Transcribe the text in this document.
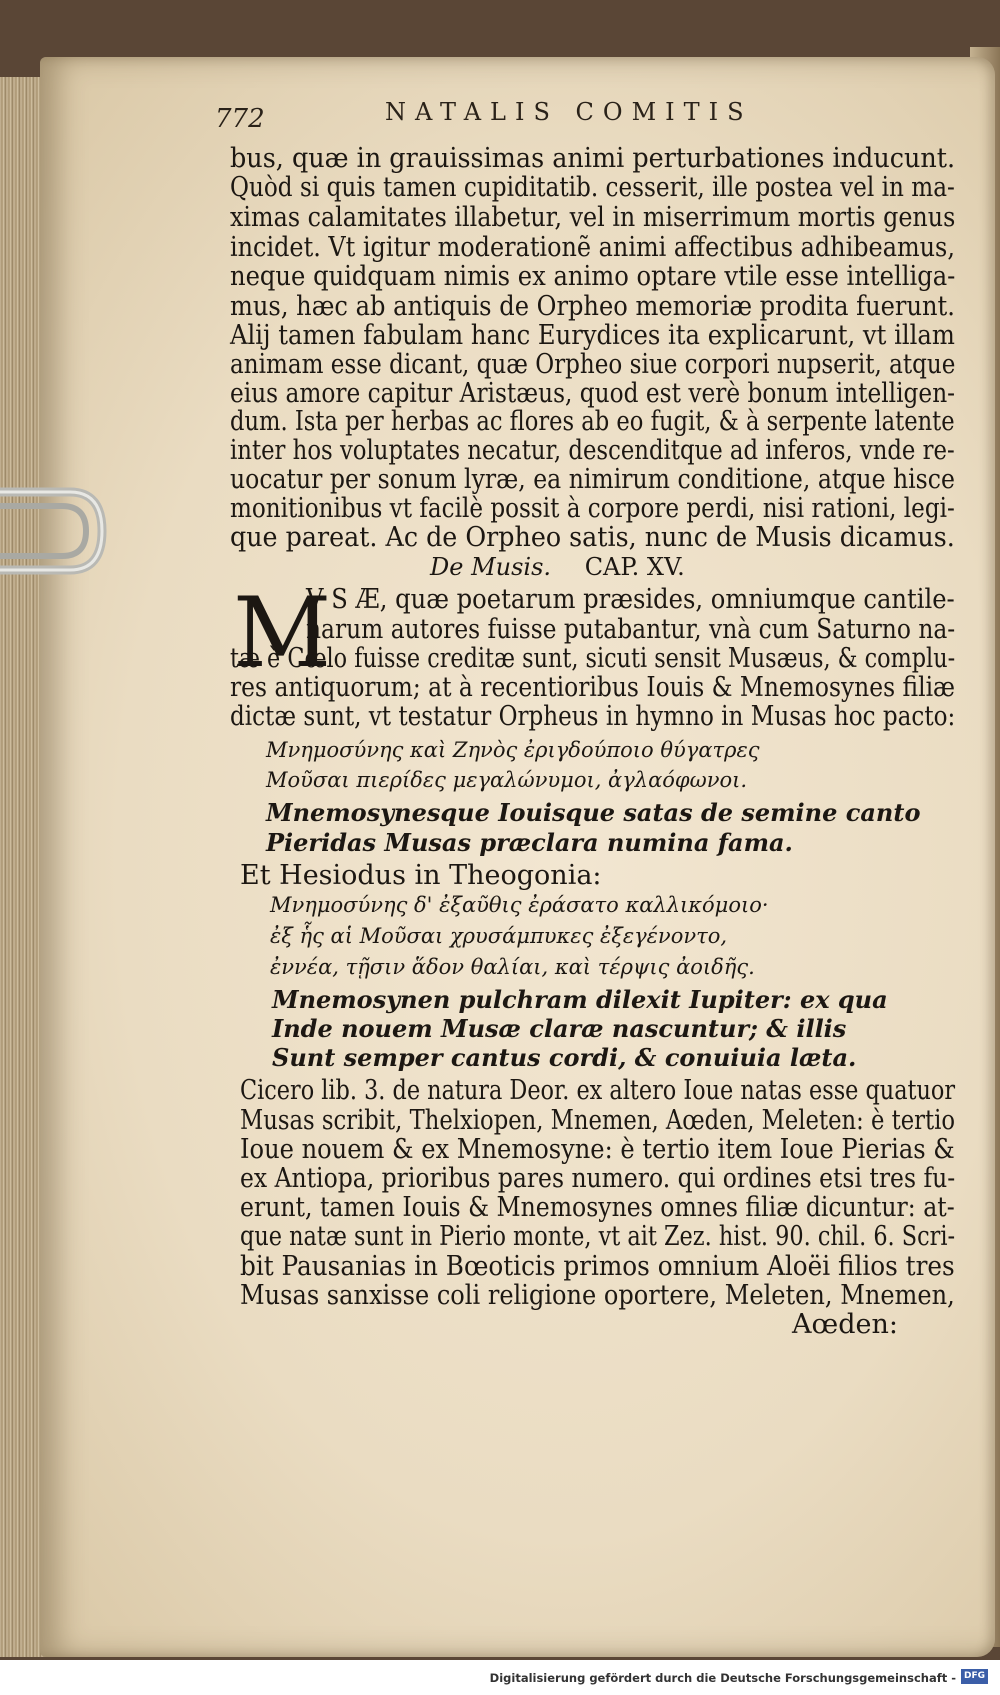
772	NATALIS COMITIS
bus, quæ in grauissimas animi perturbationes inducunt.
Quòd si quis tamen cupiditatib. cesserit, ille postea vel in ma-
ximas calamitates illabetur, vel in miserrimum mortis genus
incidet. Vt igitur moderationẽ animi affectibus adhibeamus,
neque quidquam nimis ex animo optare vtile esse intelliga-
mus, hæc ab antiquis de Orpheo memoriæ prodita fuerunt.
Alij tamen fabulam hanc Eurydices ita explicarunt, vt illam
animam esse dicant, quæ Orpheo siue corpori nupserit, atque
eius amore capitur Aristæus, quod est verè bonum intelligen-
dum. Ista per herbas ac flores ab eo fugit, & à serpente latente
inter hos voluptates necatur, descenditque ad inferos, vnde re-
uocatur per sonum lyræ, ea nimirum conditione, atque hisce
monitionibus vt facilè possit à corpore perdi, nisi rationi, legi-
que pareat. Ac de Orpheo satis, nunc de Musis dicamus.
De Musis. CAP. XV.
M
V S Æ, quæ poetarum præsides, omniumque cantile-
narum autores fuisse putabantur, vnà cum Saturno na-
tæ è Cœlo fuisse creditæ sunt, sicuti sensit Musæus, & complu-
res antiquorum; at à recentioribus Iouis & Mnemosynes filiæ
dictæ sunt, vt testatur Orpheus in hymno in Musas hoc pacto:
Μνημοσύνης καὶ Ζηνὸς ἐριγδούποιο θύγατρες
Μοῦσαι πιερίδες μεγαλώνυμοι, ἀγλαόφωνοι.
Mnemosynesque Iouisque satas de semine canto
Pieridas Musas præclara numina fama.
Et Hesiodus in Theogonia:
Μνημοσύνης δ' ἐξαῦθις ἐράσατο καλλικόμοιο·
ἐξ ἧς αἱ Μοῦσαι χρυσάμπυκες ἐξεγένοντο,
ἐννέα, τῇσιν ἅδον θαλίαι, καὶ τέρψις ἀοιδῆς.
Mnemosynen pulchram dilexit Iupiter: ex qua
Inde nouem Musæ claræ nascuntur; & illis
Sunt semper cantus cordi, & conuiuia læta.
Cicero lib. 3. de natura Deor. ex altero Ioue natas esse quatuor
Musas scribit, Thelxiopen, Mnemen, Aœden, Meleten: è tertio
Ioue nouem & ex Mnemosyne: è tertio item Ioue Pierias &
ex Antiopa, prioribus pares numero. qui ordines etsi tres fu-
erunt, tamen Iouis & Mnemosynes omnes filiæ dicuntur: at-
que natæ sunt in Pierio monte, vt ait Zez. hist. 90. chil. 6. Scri-
bit Pausanias in Bœoticis primos omnium Aloëi filios tres
Musas sanxisse coli religione oportere, Meleten, Mnemen,
Aœden:
Digitalisierung gefördert durch die Deutsche Forschungsgemeinschaft - DFG
